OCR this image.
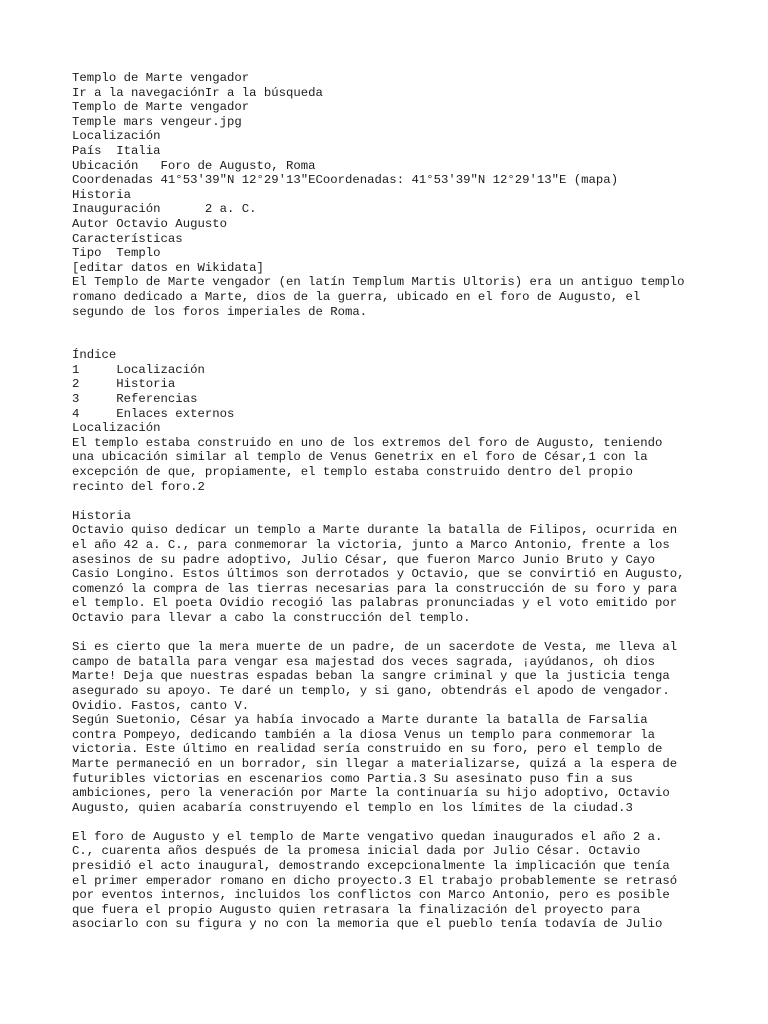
Templo de Marte vengador
Ir a la navegaciónIr a la búsqueda
Templo de Marte vengador
Temple mars vengeur.jpg
Localización
País  Italia
Ubicación   Foro de Augusto, Roma
Coordenadas 41°53′39″N 12°29′13″ECoordenadas: 41°53′39″N 12°29′13″E (mapa)
Historia
Inauguración      2 a. C.
Autor Octavio Augusto
Características
Tipo  Templo
[editar datos en Wikidata]
El Templo de Marte vengador (en latín Templum Martis Ultoris) era un antiguo templo
romano dedicado a Marte, dios de la guerra, ubicado en el foro de Augusto, el
segundo de los foros imperiales de Roma.
Índice
1     Localización
2     Historia
3     Referencias
4     Enlaces externos
Localización
El templo estaba construido en uno de los extremos del foro de Augusto, teniendo
una ubicación similar al templo de Venus Genetrix en el foro de César,1 con la
excepción de que, propiamente, el templo estaba construido dentro del propio
recinto del foro.2
Historia
Octavio quiso dedicar un templo a Marte durante la batalla de Filipos, ocurrida en
el año 42 a. C., para conmemorar la victoria, junto a Marco Antonio, frente a los
asesinos de su padre adoptivo, Julio César, que fueron Marco Junio Bruto y Cayo
Casio Longino. Estos últimos son derrotados y Octavio, que se convirtió en Augusto,
comenzó la compra de las tierras necesarias para la construcción de su foro y para
el templo. El poeta Ovidio recogió las palabras pronunciadas y el voto emitido por
Octavio para llevar a cabo la construcción del templo.
Si es cierto que la mera muerte de un padre, de un sacerdote de Vesta, me lleva al
campo de batalla para vengar esa majestad dos veces sagrada, ¡ayúdanos, oh dios
Marte! Deja que nuestras espadas beban la sangre criminal y que la justicia tenga
asegurado su apoyo. Te daré un templo, y si gano, obtendrás el apodo de vengador.
Ovidio. Fastos, canto V.
Según Suetonio, César ya había invocado a Marte durante la batalla de Farsalia
contra Pompeyo, dedicando también a la diosa Venus un templo para conmemorar la
victoria. Este último en realidad sería construido en su foro, pero el templo de
Marte permaneció en un borrador, sin llegar a materializarse, quizá a la espera de
futuribles victorias en escenarios como Partia.3 Su asesinato puso fin a sus
ambiciones, pero la veneración por Marte la continuaría su hijo adoptivo, Octavio
Augusto, quien acabaría construyendo el templo en los límites de la ciudad.3
El foro de Augusto y el templo de Marte vengativo quedan inaugurados el año 2 a.
C., cuarenta años después de la promesa inicial dada por Julio César. Octavio
presidió el acto inaugural, demostrando excepcionalmente la implicación que tenía
el primer emperador romano en dicho proyecto.3 El trabajo probablemente se retrasó
por eventos internos, incluidos los conflictos con Marco Antonio, pero es posible
que fuera el propio Augusto quien retrasara la finalización del proyecto para
asociarlo con su figura y no con la memoria que el pueblo tenía todavía de Julio
